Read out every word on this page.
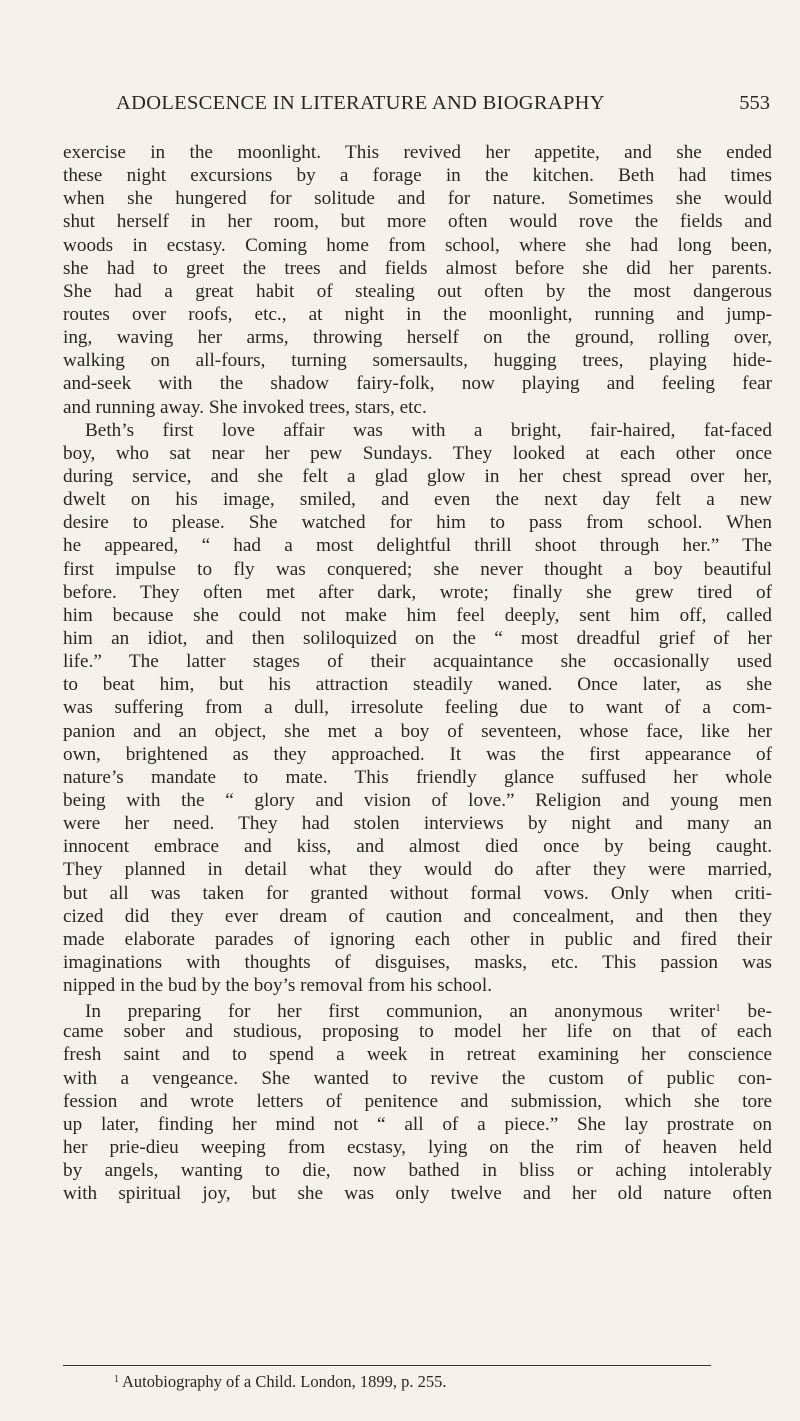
ADOLESCENCE IN LITERATURE AND BIOGRAPHY	553
exercise in the moonlight. This revived her appetite, and she ended
these night excursions by a forage in the kitchen. Beth had times
when she hungered for solitude and for nature. Sometimes she would
shut herself in her room, but more often would rove the fields and
woods in ecstasy. Coming home from school, where she had long been,
she had to greet the trees and fields almost before she did her parents.
She had a great habit of stealing out often by the most dangerous
routes over roofs, etc., at night in the moonlight, running and jump-
ing, waving her arms, throwing herself on the ground, rolling over,
walking on all-fours, turning somersaults, hugging trees, playing hide-
and-seek with the shadow fairy-folk, now playing and feeling fear
and running away. She invoked trees, stars, etc.
Beth’s first love affair was with a bright, fair-haired, fat-faced
boy, who sat near her pew Sundays. They looked at each other once
during service, and she felt a glad glow in her chest spread over her,
dwelt on his image, smiled, and even the next day felt a new
desire to please. She watched for him to pass from school. When
he appeared, “ had a most delightful thrill shoot through her.” The
first impulse to fly was conquered; she never thought a boy beautiful
before. They often met after dark, wrote; finally she grew tired of
him because she could not make him feel deeply, sent him off, called
him an idiot, and then soliloquized on the “ most dreadful grief of her
life.” The latter stages of their acquaintance she occasionally used
to beat him, but his attraction steadily waned. Once later, as she
was suffering from a dull, irresolute feeling due to want of a com-
panion and an object, she met a boy of seventeen, whose face, like her
own, brightened as they approached. It was the first appearance of
nature’s mandate to mate. This friendly glance suffused her whole
being with the “ glory and vision of love.” Religion and young men
were her need. They had stolen interviews by night and many an
innocent embrace and kiss, and almost died once by being caught.
They planned in detail what they would do after they were married,
but all was taken for granted without formal vows. Only when criti-
cized did they ever dream of caution and concealment, and then they
made elaborate parades of ignoring each other in public and fired their
imaginations with thoughts of disguises, masks, etc. This passion was
nipped in the bud by the boy’s removal from his school.
In preparing for her first communion, an anonymous writer$^1$ be-
came sober and studious, proposing to model her life on that of each
fresh saint and to spend a week in retreat examining her conscience
with a vengeance. She wanted to revive the custom of public con-
fession and wrote letters of penitence and submission, which she tore
up later, finding her mind not “ all of a piece.” She lay prostrate on
her prie-dieu weeping from ecstasy, lying on the rim of heaven held
by angels, wanting to die, now bathed in bliss or aching intolerably
with spiritual joy, but she was only twelve and her old nature often
$^1$ Autobiography of a Child. London, 1899, p. 255.
